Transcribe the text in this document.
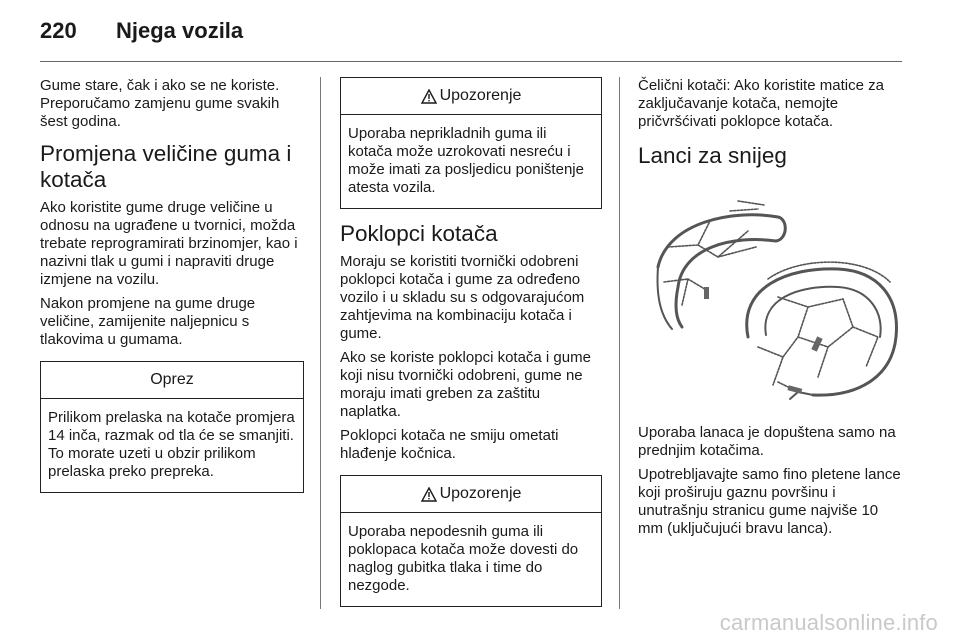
220	Njega vozila

Gume stare, čak i ako se ne koriste. Preporučamo zamjenu gume svakih šest godina.

Promjena veličine guma i kotača

Ako koristite gume druge veličine u odnosu na ugrađene u tvornici, možda trebate reprogramirati brzinomjer, kao i nazivni tlak u gumi i napraviti druge izmjene na vozilu.

Nakon promjene na gume druge veličine, zamijenite naljepnicu s tlakovima u gumama.

Oprez
Prilikom prelaska na kotače promjera 14 inča, razmak od tla će se smanjiti. To morate uzeti u obzir prilikom prelaska preko prepreka.
Upozorenje
Uporaba neprikladnih guma ili kotača može uzrokovati nesreću i može imati za posljedicu poništenje atesta vozila.
Poklopci kotača

Moraju se koristiti tvornički odobreni poklopci kotača i gume za određeno vozilo i u skladu su s odgovarajućom zahtjevima na kombinaciju kotača i gume.

Ako se koriste poklopci kotača i gume koji nisu tvornički odobreni, gume ne moraju imati greben za zaštitu naplatka.

Poklopci kotača ne smiju ometati hlađenje kočnica.

Upozorenje
Uporaba nepodesnih guma ili poklopaca kotača može dovesti do naglog gubitka tlaka i time do nezgode.

Čelični kotači: Ako koristite matice za zaključavanje kotača, nemojte pričvršćivati poklopce kotača.

Lanci za snijeg

Uporaba lanaca je dopuštena samo na prednjim kotačima.

Upotrebljavajte samo fino pletene lance koji proširuju gaznu površinu i unutrašnju stranicu gume najviše 10 mm (uključujući bravu lanca).

carmanualsonline.info
